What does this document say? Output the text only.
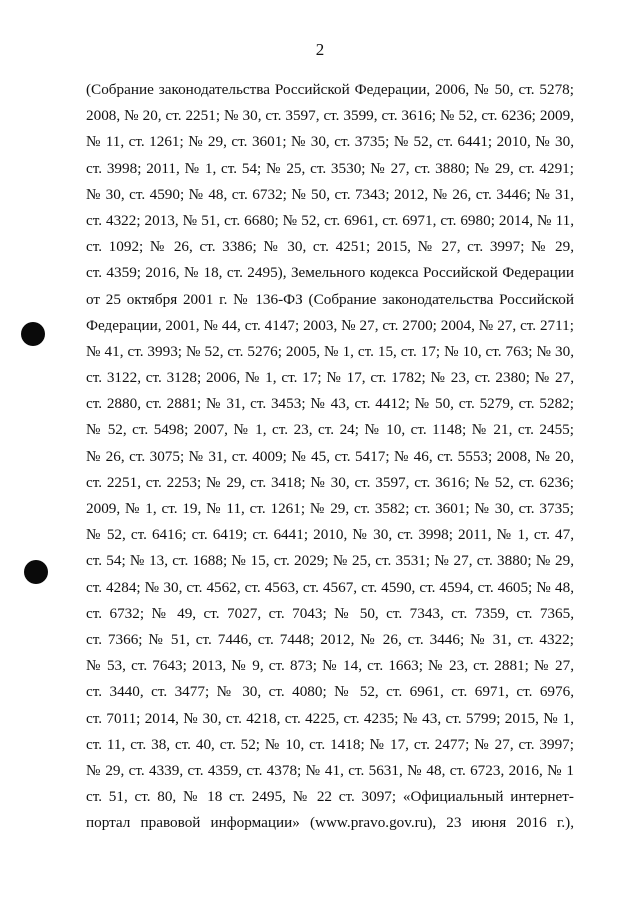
2
(Собрание законодательства Российской Федерации, 2006, № 50, ст. 5278;
2008, № 20, ст. 2251; № 30, ст. 3597, ст. 3599, ст. 3616; № 52, ст. 6236; 2009,
№ 11, ст. 1261; № 29, ст. 3601; № 30, ст. 3735; № 52, ст. 6441; 2010, № 30,
ст. 3998; 2011, № 1, ст. 54; № 25, ст. 3530; № 27, ст. 3880; № 29, ст. 4291;
№ 30, ст. 4590; № 48, ст. 6732; № 50, ст. 7343; 2012, № 26, ст. 3446; № 31,
ст. 4322; 2013, № 51, ст. 6680; № 52, ст. 6961, ст. 6971, ст. 6980; 2014, № 11,
ст. 1092; № 26, ст. 3386; № 30, ст. 4251; 2015, № 27, ст. 3997; № 29,
ст. 4359; 2016, № 18, ст. 2495), Земельного кодекса Российской Федерации
от 25 октября 2001 г. № 136-ФЗ (Собрание законодательства Российской
Федерации, 2001, № 44, ст. 4147; 2003, № 27, ст. 2700; 2004, № 27, ст. 2711;
№ 41, ст. 3993; № 52, ст. 5276; 2005, № 1, ст. 15, ст. 17; № 10, ст. 763; № 30,
ст. 3122, ст. 3128; 2006, № 1, ст. 17; № 17, ст. 1782; № 23, ст. 2380; № 27,
ст. 2880, ст. 2881; № 31, ст. 3453; № 43, ст. 4412; № 50, ст. 5279, ст. 5282;
№ 52, ст. 5498; 2007, № 1, ст. 23, ст. 24; № 10, ст. 1148; № 21, ст. 2455;
№ 26, ст. 3075; № 31, ст. 4009; № 45, ст. 5417; № 46, ст. 5553; 2008, № 20,
ст. 2251, ст. 2253; № 29, ст. 3418; № 30, ст. 3597, ст. 3616; № 52, ст. 6236;
2009, № 1, ст. 19, № 11, ст. 1261; № 29, ст. 3582; ст. 3601; № 30, ст. 3735;
№ 52, ст. 6416; ст. 6419; ст. 6441; 2010, № 30, ст. 3998; 2011, № 1, ст. 47,
ст. 54; № 13, ст. 1688; № 15, ст. 2029; № 25, ст. 3531; № 27, ст. 3880; № 29,
ст. 4284; № 30, ст. 4562, ст. 4563, ст. 4567, ст. 4590, ст. 4594, ст. 4605; № 48,
ст. 6732; № 49, ст. 7027, ст. 7043; № 50, ст. 7343, ст. 7359, ст. 7365,
ст. 7366; № 51, ст. 7446, ст. 7448; 2012, № 26, ст. 3446; № 31, ст. 4322;
№ 53, ст. 7643; 2013, № 9, ст. 873; № 14, ст. 1663; № 23, ст. 2881; № 27,
ст. 3440, ст. 3477; № 30, ст. 4080; № 52, ст. 6961, ст. 6971, ст. 6976,
ст. 7011; 2014, № 30, ст. 4218, ст. 4225, ст. 4235; № 43, ст. 5799; 2015, № 1,
ст. 11, ст. 38, ст. 40, ст. 52; № 10, ст. 1418; № 17, ст. 2477; № 27, ст. 3997;
№ 29, ст. 4339, ст. 4359, ст. 4378; № 41, ст. 5631, № 48, ст. 6723, 2016, № 1
ст. 51, ст. 80, № 18 ст. 2495, № 22 ст. 3097; «Официальный интернет-
портал правовой информации» (www.pravo.gov.ru), 23 июня 2016 г.),
